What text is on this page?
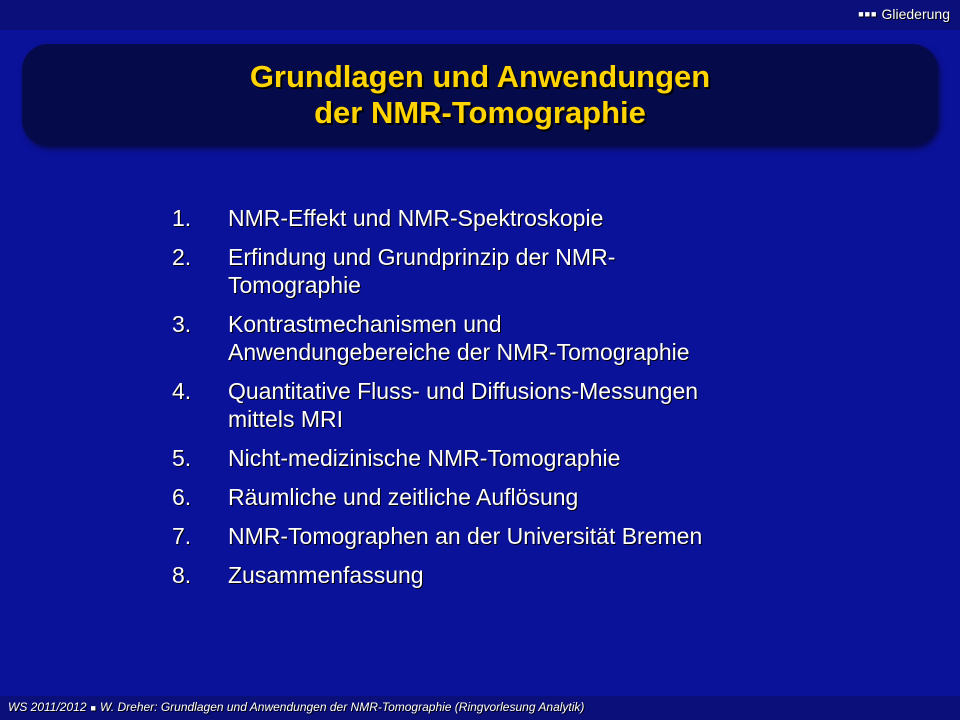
■■■ Gliederung
Grundlagen und Anwendungen
der NMR-Tomographie
1.	NMR-Effekt und NMR-Spektroskopie
2.	Erfindung und Grundprinzip der NMR-
Tomographie
3.	Kontrastmechanismen und
Anwendungebereiche der NMR-Tomographie
4.	Quantitative Fluss- und Diffusions-Messungen
mittels MRI
5.	Nicht-medizinische NMR-Tomographie
6.	Räumliche und zeitliche Auflösung
7.	NMR-Tomographen an der Universität Bremen
8.	Zusammenfassung
WS 2011/2012 ■ W. Dreher: Grundlagen und Anwendungen der NMR-Tomographie (Ringvorlesung Analytik)
